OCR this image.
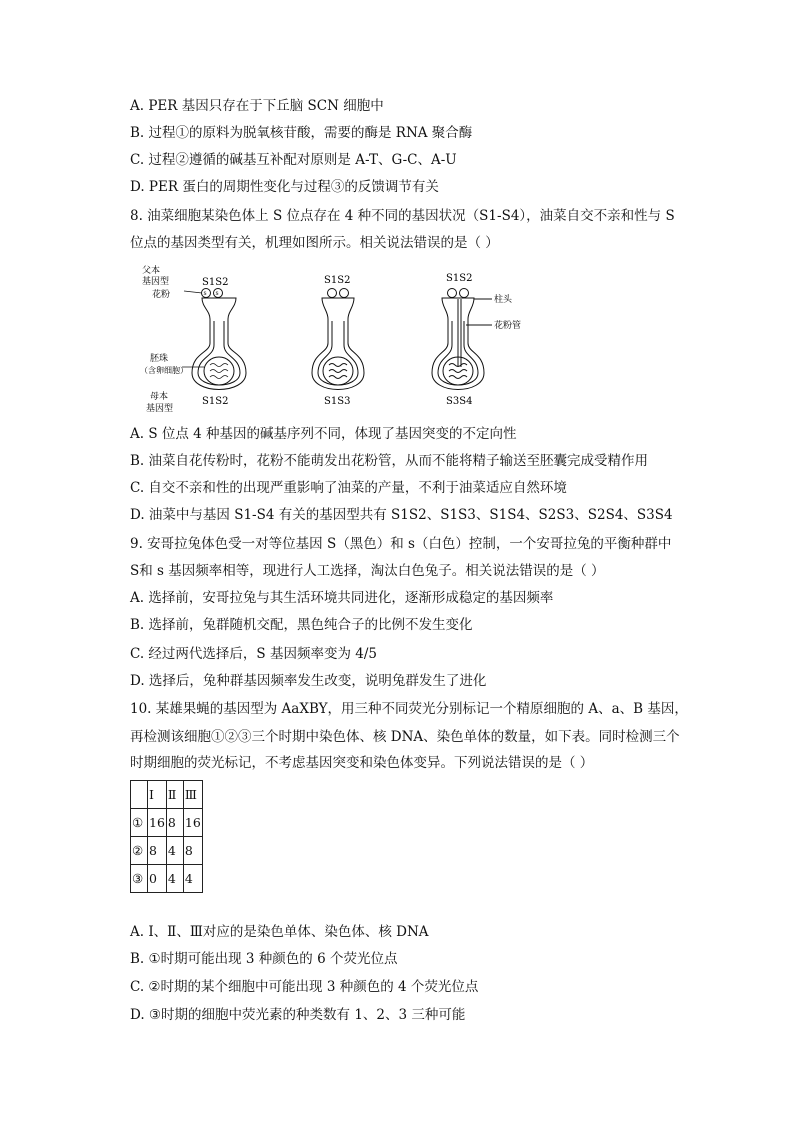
A. PER 基因只存在于下丘脑 SCN 细胞中
B. 过程①的原料为脱氧核苷酸，需要的酶是 RNA 聚合酶
C. 过程②遵循的碱基互补配对原则是 A-T、G-C、A-U
D. PER 蛋白的周期性变化与过程③的反馈调节有关
8. 油菜细胞某染色体上 S 位点存在 4 种不同的基因状况（S1-S4），油菜自交不亲和性与 S
位点的基因类型有关，机理如图所示。相关说法错误的是（ ）
s s
父本
基因型
花粉
胚珠
（含卵细胞）
母本
基因型
S1S2
S1S2
S1S2
S1S3
S1S2
S3S4
柱头
花粉管
A. S 位点 4 种基因的碱基序列不同，体现了基因突变的不定向性
B. 油菜自花传粉时，花粉不能萌发出花粉管，从而不能将精子输送至胚囊完成受精作用
C. 自交不亲和性的出现严重影响了油菜的产量，不利于油菜适应自然环境
D. 油菜中与基因 S1-S4 有关的基因型共有 S1S2、S1S3、S1S4、S2S3、S2S4、S3S4
9. 安哥拉兔体色受一对等位基因 S（黑色）和 s（白色）控制，一个安哥拉兔的平衡种群中
S和 s 基因频率相等，现进行人工选择，淘汰白色兔子。相关说法错误的是（ ）
A. 选择前，安哥拉兔与其生活环境共同进化，逐渐形成稳定的基因频率
B. 选择前，兔群随机交配，黑色纯合子的比例不发生变化
C. 经过两代选择后，S 基因频率变为 4/5
D. 选择后，兔种群基因频率发生改变，说明兔群发生了进化
10. 某雄果蝇的基因型为 AaXBY，用三种不同荧光分别标记一个精原细胞的 A、a、B 基因，
再检测该细胞①②③三个时期中染色体、核 DNA、染色单体的数量，如下表。同时检测三个
时期细胞的荧光标记，不考虑基因突变和染色体变异。下列说法错误的是（ ）
	Ⅰ	Ⅱ	Ⅲ
①	16	8	16
②	8	4	8
③	0	4	4
A. Ⅰ、Ⅱ、Ⅲ对应的是染色单体、染色体、核 DNA
B. ①时期可能出现 3 种颜色的 6 个荧光位点
C. ②时期的某个细胞中可能出现 3 种颜色的 4 个荧光位点
D. ③时期的细胞中荧光素的种类数有 1、2、3 三种可能
